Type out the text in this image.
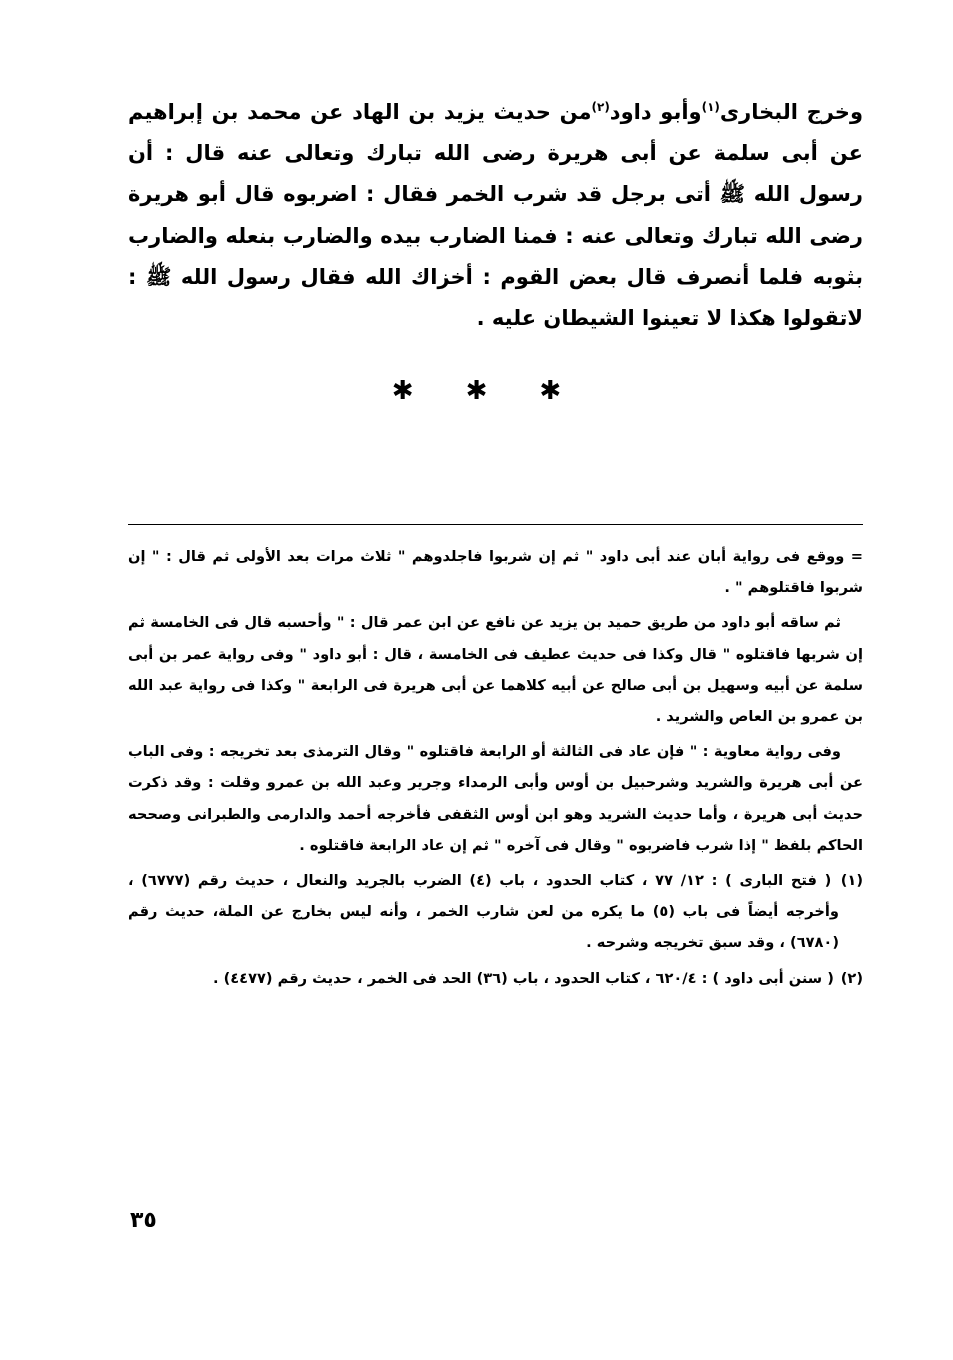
وخرج البخارى$^{(١)}$وأبو داود$^{(٢)}$من حديث يزيد بن الهاد عن محمد بن إبراهيم عن أبى سلمة عن أبى هريرة رضى الله تبارك وتعالى عنه قال : أن رسول الله ﷺ أتى برجل قد شرب الخمر فقال : اضربوه قال أبو هريرة رضى الله تبارك وتعالى عنه : فمنا الضارب بيده والضارب بنعله والضارب بثوبه فلما أنصرف قال بعض القوم : أخزاك الله فقال رسول الله ﷺ : لاتقولوا هكذا لا تعينوا الشيطان عليه .

✱ ✱ ✱

= ووقع فى رواية أبان عند أبى داود " ثم إن شربوا فاجلدوهم " ثلاث مرات بعد الأولى ثم قال : " إن شربوا فاقتلوهم " .

ثم ساقه أبو داود من طريق حميد بن يزيد عن نافع عن ابن عمر قال : " وأحسبه قال فى الخامسة ثم إن شربها فاقتلوه " قال وكذا فى حديث عطيف فى الخامسة ، قال : أبو داود " وفى رواية عمر بن أبى سلمة عن أبيه وسهيل بن أبى صالح عن أبيه كلاهما عن أبى هريرة فى الرابعة " وكذا فى رواية عبد الله بن عمرو بن العاص والشريد .

وفى رواية معاوية : " فإن عاد فى الثالثة أو الرابعة فاقتلوه " وقال الترمذى بعد تخريجه : وفى الباب عن أبى هريرة والشريد وشرحبيل بن أوس وأبى الرمداء وجرير وعبد الله بن عمرو وقلت : وقد ذكرت حديث أبى هريرة ، وأما حديث الشريد وهو ابن أوس الثقفى فأخرجه أحمد والدارمى والطبرانى وصححه الحاكم بلفظ " إذا شرب فاضربوه " وقال فى آخره " ثم إن عاد الرابعة فاقتلوه .

(١) ( فتح البارى ) : ١٢/ ٧٧ ، كتاب الحدود ، باب (٤) الضرب بالجريد والنعال ، حديث رقم (٦٧٧٧) ، وأخرجه أيضاً فى باب (٥) ما يكره من لعن شارب الخمر ، وأنه ليس بخارج عن الملة، حديث رقم (٦٧٨٠) ، وقد سبق تخريجه وشرحه .

(٢) ( سنن أبى داود ) : ٦٢٠/٤ ، كتاب الحدود ، باب (٣٦) الحد فى الخمر ، حديث رقم (٤٤٧٧) .

٣٥
